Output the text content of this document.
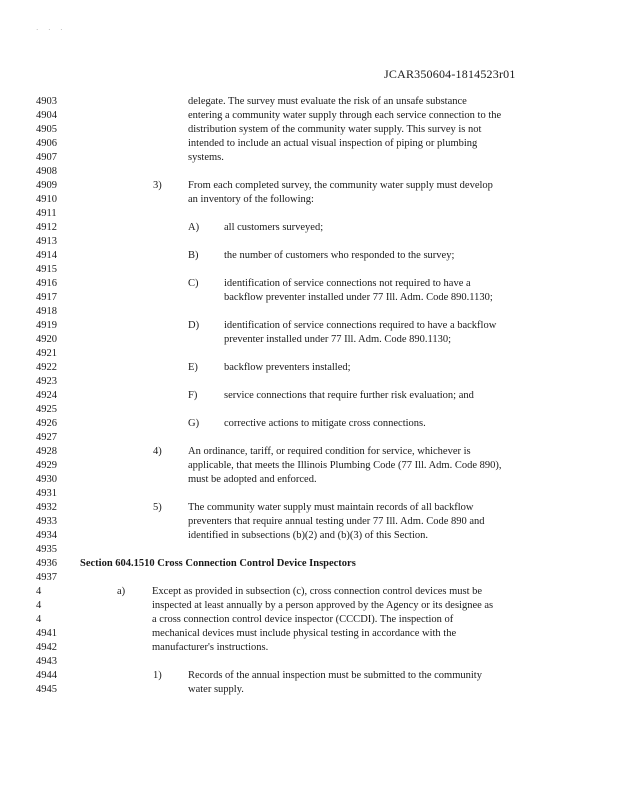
· · ·
JCAR350604-1814523r01
4903
4904
4905
4906
4907
4908
4909
4910
4911
4912
4913
4914
4915
4916
4917
4918
4919
4920
4921
4922
4923
4924
4925
4926
4927
4928
4929
4930
4931
4932
4933
4934
4935
4936
4937
4
4
4
4941
4942
4943
4944
4945
delegate. The survey must evaluate the risk of an unsafe substance
entering a community water supply through each service connection to the
distribution system of the community water supply. This survey is not
intended to include an actual visual inspection of piping or plumbing
systems.
3)	From each completed survey, the community water supply must develop
an inventory of the following:
A) all customers surveyed;
B) the number of customers who responded to the survey;
C) identification of service connections not required to have a
backflow preventer installed under 77 Ill. Adm. Code 890.1130;
D) identification of service connections required to have a backflow
preventer installed under 77 Ill. Adm. Code 890.1130;
E) backflow preventers installed;
F)	service connections that require further risk evaluation; and
G) corrective actions to mitigate cross connections.
4)	An ordinance, tariff, or required condition for service, whichever is
applicable, that meets the Illinois Plumbing Code (77 Ill. Adm. Code 890),
must be adopted and enforced.
5)	The community water supply must maintain records of all backflow
preventers that require annual testing under 77 Ill. Adm. Code 890 and
identified in subsections (b)(2) and (b)(3) of this Section.
Section 604.1510 Cross Connection Control Device Inspectors
a)	Except as provided in subsection (c), cross connection control devices must be
inspected at least annually by a person approved by the Agency or its designee as
a cross connection control device inspector (CCCDI). The inspection of
mechanical devices must include physical testing in accordance with the
manufacturer's instructions.
1)	Records of the annual inspection must be submitted to the community
water supply.
